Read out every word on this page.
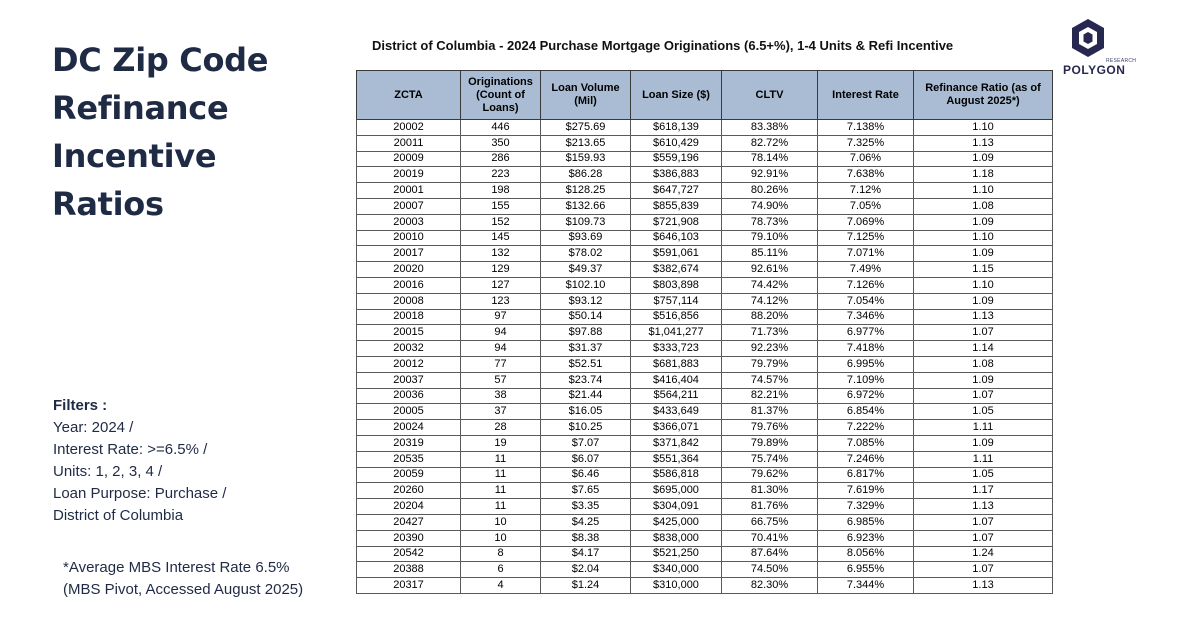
DC Zip Code
Refinance
Incentive
Ratios
Filters :
Year: 2024 /
Interest Rate: >=6.5% /
Units: 1, 2, 3, 4 /
Loan Purpose: Purchase /
District of Columbia
*Average MBS Interest Rate 6.5%
(MBS Pivot, Accessed August 2025)
District of Columbia - 2024 Purchase Mortgage Originations (6.5+%), 1-4 Units & Refi Incentive
RESEARCH
POLYGON
ZCTA	Originations (Count of Loans)	Loan Volume (Mil)	Loan Size ($)	CLTV	Interest Rate	Refinance Ratio (as of August 2025*)
20002	446	$275.69	$618,139	83.38%	7.138%	1.10
20011	350	$213.65	$610,429	82.72%	7.325%	1.13
20009	286	$159.93	$559,196	78.14%	7.06%	1.09
20019	223	$86.28	$386,883	92.91%	7.638%	1.18
20001	198	$128.25	$647,727	80.26%	7.12%	1.10
20007	155	$132.66	$855,839	74.90%	7.05%	1.08
20003	152	$109.73	$721,908	78.73%	7.069%	1.09
20010	145	$93.69	$646,103	79.10%	7.125%	1.10
20017	132	$78.02	$591,061	85.11%	7.071%	1.09
20020	129	$49.37	$382,674	92.61%	7.49%	1.15
20016	127	$102.10	$803,898	74.42%	7.126%	1.10
20008	123	$93.12	$757,114	74.12%	7.054%	1.09
20018	97	$50.14	$516,856	88.20%	7.346%	1.13
20015	94	$97.88	$1,041,277	71.73%	6.977%	1.07
20032	94	$31.37	$333,723	92.23%	7.418%	1.14
20012	77	$52.51	$681,883	79.79%	6.995%	1.08
20037	57	$23.74	$416,404	74.57%	7.109%	1.09
20036	38	$21.44	$564,211	82.21%	6.972%	1.07
20005	37	$16.05	$433,649	81.37%	6.854%	1.05
20024	28	$10.25	$366,071	79.76%	7.222%	1.11
20319	19	$7.07	$371,842	79.89%	7.085%	1.09
20535	11	$6.07	$551,364	75.74%	7.246%	1.11
20059	11	$6.46	$586,818	79.62%	6.817%	1.05
20260	11	$7.65	$695,000	81.30%	7.619%	1.17
20204	11	$3.35	$304,091	81.76%	7.329%	1.13
20427	10	$4.25	$425,000	66.75%	6.985%	1.07
20390	10	$8.38	$838,000	70.41%	6.923%	1.07
20542	8	$4.17	$521,250	87.64%	8.056%	1.24
20388	6	$2.04	$340,000	74.50%	6.955%	1.07
20317	4	$1.24	$310,000	82.30%	7.344%	1.13
